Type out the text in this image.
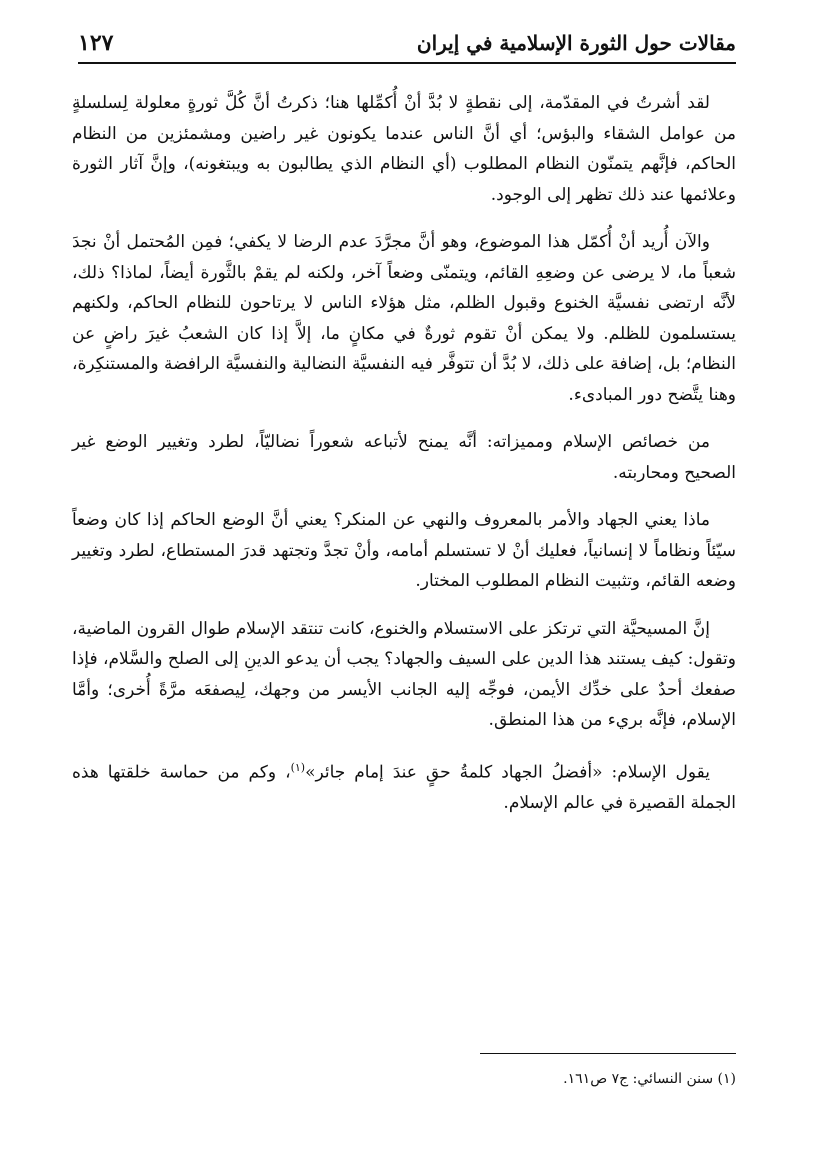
مقالات حول الثورة الإسلامية في إيران
١٢٧

لقد أشرتُ في المقدّمة، إلى نقطةٍ لا بُدَّ أنْ أُكمِّلها هنا؛ ذكرتُ أنَّ كُلَّ ثورةٍ معلولة لِسلسلةٍ من عوامل الشقاء والبؤس؛ أي أنَّ الناس عندما يكونون غير راضين ومشمئزين من النظام الحاكم، فإنَّهم يتمنّون النظام المطلوب (أي النظام الذي يطالبون به ويبتغونه)، وإنَّ آثار الثورة وعلائمها عند ذلك تظهر إلى الوجود.

والآن أُريد أنْ أُكمّل هذا الموضوع، وهو أنَّ مجرَّدَ عدم الرضا لا يكفي؛ فمِن المُحتمل أنْ نجدَ شعباً ما، لا يرضى عن وضعِهِ القائم، ويتمنّى وضعاً آخر، ولكنه لم يقمْ بالثَّورة أيضاً، لماذا؟ ذلك، لأنَّه ارتضى نفسيَّة الخنوع وقبول الظلم، مثل هؤلاء الناس لا يرتاحون للنظام الحاكم، ولكنهم يستسلمون للظلم. ولا يمكن أنْ تقوم ثورةٌ في مكانٍ ما، إلاَّ إذا كان الشعبُ غيرَ راضٍ عن النظام؛ بل، إضافة على ذلك، لا بُدَّ أن تتوفَّر فيه النفسيَّة النضالية والنفسيَّة الرافضة والمستنكِرة، وهنا يتَّضح دور المبادىء.

من خصائص الإسلام ومميزاته: أنَّه يمنح لأتباعه شعوراً نضاليّاً، لطرد وتغيير الوضع غير الصحيح ومحاربته.

ماذا يعني الجهاد والأمر بالمعروف والنهي عن المنكر؟ يعني أنَّ الوضع الحاكم إذا كان وضعاً سيّئاً ونظاماً لا إنسانياً، فعليك أنْ لا تستسلم أمامه، وأنْ تجدَّ وتجتهد قدرَ المستطاع، لطرد وتغيير وضعه القائم، وتثبيت النظام المطلوب المختار.

إنَّ المسيحيَّة التي ترتكز على الاستسلام والخنوع، كانت تنتقد الإسلام طوال القرون الماضية، وتقول: كيف يستند هذا الدين على السيف والجهاد؟ يجب أن يدعو الدينِ إلى الصلح والسَّلام، فإذا صفعك أحدٌ على خدِّك الأيمن، فوجِّه إليه الجانب الأيسر من وجهك، لِيصفعَه مرَّةً أُخرى؛ وأمَّا الإسلام، فإنَّه بريء من هذا المنطق.

يقول الإسلام: «أفضلُ الجهاد كلمةُ حقٍ عندَ إمام جائر»$^{(١)}$، وكم من حماسة خلقتها هذه الجملة القصيرة في عالم الإسلام.

(١) سنن النسائي: ج٧ ص١٦١.
